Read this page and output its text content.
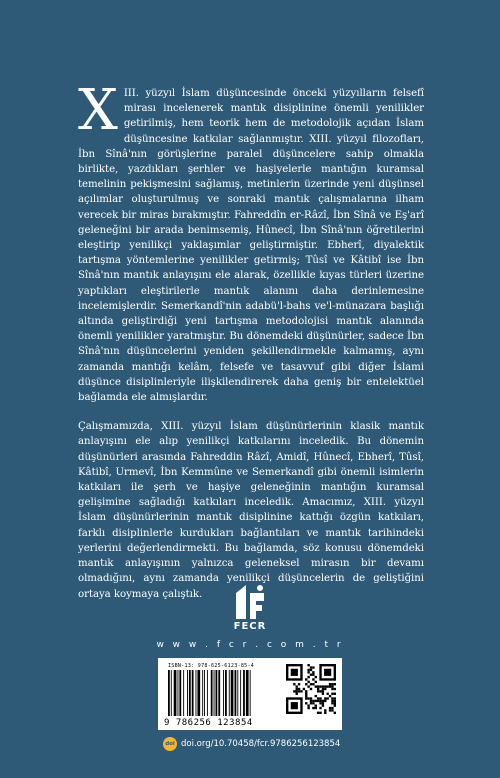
XIII. yüzyıl İslam düşüncesinde önceki yüzyılların felsefî mirası incelenerek mantık disiplinine önemli yenilikler getirilmiş, hem teorik hem de metodolojik açıdan İslam düşüncesine katkılar sağlanmıştır. XIII. yüzyıl filozofları, İbn Sînâ'nın görüşlerine paralel düşüncelere sahip olmakla birlikte, yazdıkları şerhler ve haşiyelerle mantığın kuramsal temelinin pekişmesini sağlamış, metinlerin üzerinde yeni düşünsel açılımlar oluşturulmuş ve sonraki mantık çalışmalarına ilham verecek bir miras bırakmıştır. Fahreddîn er-Râzî, İbn Sînâ ve Eş'arî geleneğini bir arada benimsemiş, Hûnecî, İbn Sînâ'nın öğretilerini eleştirip yenilikçi yaklaşımlar geliştirmiştir. Ebherî, diyalektik tartışma yöntemlerine yenilikler getirmiş; Tûsî ve Kâtibî ise İbn Sînâ'nın mantık anlayışını ele alarak, özellikle kıyas türleri üzerine yaptıkları eleştirilerle mantık alanını daha derinlemesine incelemişlerdir. Semerkandî'nin adabü'l-bahs ve'l-münazara başlığı altında geliştirdiği yeni tartışma metodolojisi mantık alanında önemli yenilikler yaratmıştır. Bu dönemdeki düşünürler, sadece İbn Sînâ'nın düşüncelerini yeniden şekillendirmekle kalmamış, aynı zamanda mantığı kelâm, felsefe ve tasavvuf gibi diğer İslami düşünce disiplinleriyle ilişkilendirerek daha geniş bir entelektüel bağlamda ele almışlardır.

Çalışmamızda, XIII. yüzyıl İslam düşünürlerinin klasik mantık anlayışını ele alıp yenilikçi katkılarını inceledik. Bu dönemin düşünürleri arasında Fahreddin Râzî, Amidî, Hûnecî, Ebherî, Tûsî, Kâtibî, Urmevî, İbn Kemmûne ve Semerkandî gibi önemli isimlerin katkıları ile şerh ve haşiye geleneğinin mantığın kuramsal gelişimine sağladığı katkıları inceledik. Amacımız, XIII. yüzyıl İslam düşünürlerinin mantık disiplinine kattığı özgün katkıları, farklı disiplinlerle kurdukları bağlantıları ve mantık tarihindeki yerlerini değerlendirmekti. Bu bağlamda, söz konusu dönemdeki mantık anlayışının yalnızca geleneksel mirasın bir devamı olmadığını, aynı zamanda yenilikçi düşüncelerin de geliştiğini ortaya koymaya çalıştık.

FECR
w w w . f c r . c o m . t r
ISBN-13: 978-625-6123-85-4
9 786256 123854
doi doi.org/10.70458/fcr.9786256123854
